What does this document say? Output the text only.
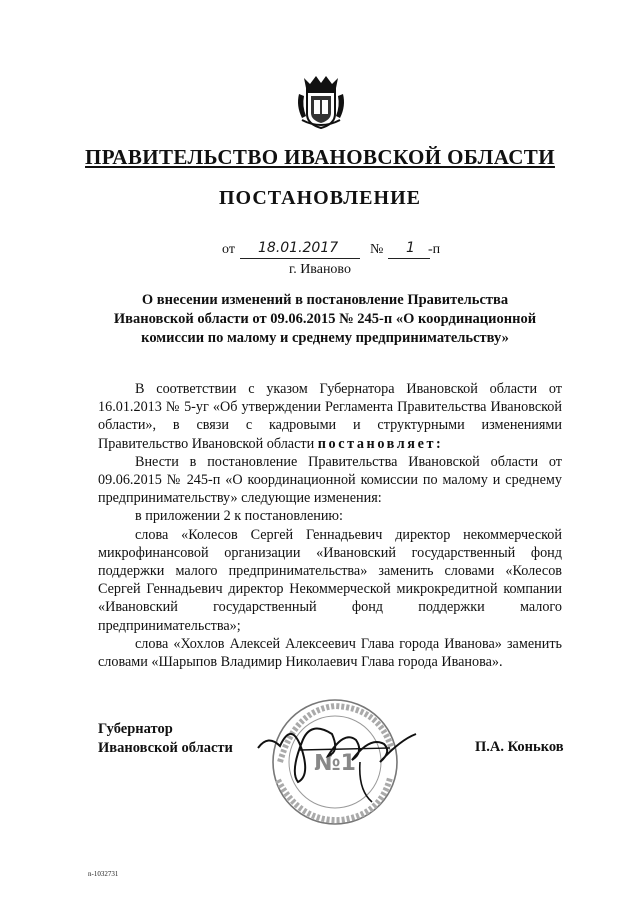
ПРАВИТЕЛЬСТВО ИВАНОВСКОЙ ОБЛАСТИ
ПОСТАНОВЛЕНИЕ
от 18.01.2017 № 1 -п
г. Иваново
О внесении изменений в постановление Правительства Ивановской области от 09.06.2015 № 245-п «О координационной комиссии по малому и среднему предпринимательству»

В соответствии с указом Губернатора Ивановской области от 16.01.2013 № 5-уг «Об утверждении Регламента Правительства Ивановской области», в связи с кадровыми и структурными изменениями Правительство Ивановской области постановляет:

Внести в постановление Правительства Ивановской области от 09.06.2015 № 245-п «О координационной комиссии по малому и среднему предпринимательству» следующие изменения:

в приложении 2 к постановлению:

слова «Колесов Сергей Геннадьевич директор некоммерческой микрофинансовой организации «Ивановский государственный фонд поддержки малого предпринимательства» заменить словами «Колесов Сергей Геннадьевич директор Некоммерческой микрокредитной компании «Ивановский государственный фонд поддержки малого предпринимательства»;

слова «Хохлов Алексей Алексеевич Глава города Иванова» заменить словами «Шарыпов Владимир Николаевич Глава города Иванова».

№1
Губернатор
Ивановской области	П.А. Коньков
n-1032731
